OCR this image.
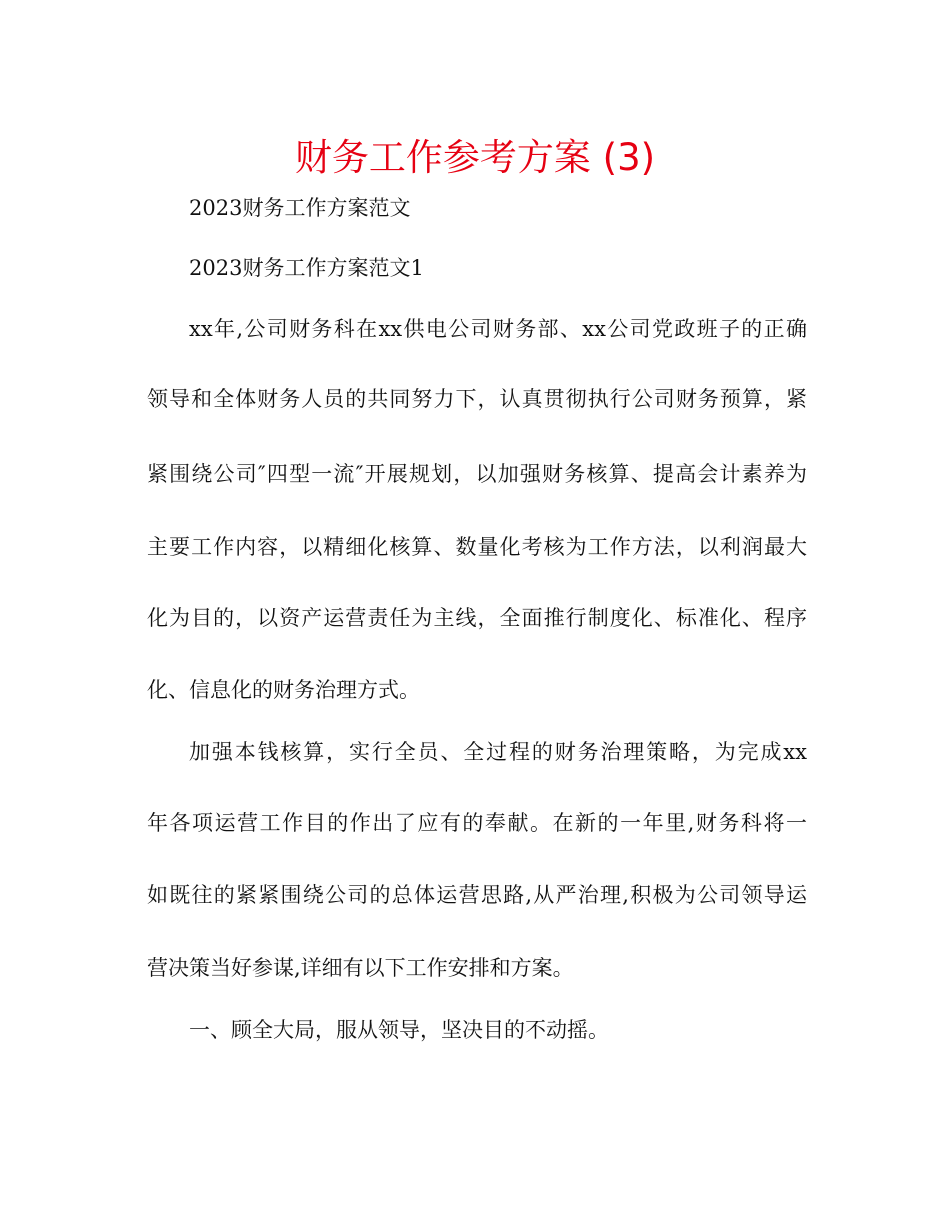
财务工作参考方案 (3)
2023财务工作方案范文
2023财务工作方案范文1
xx年,公司财务科在xx供电公司财务部、xx公司党政班子的正确
领导和全体财务人员的共同努力下，认真贯彻执行公司财务预算，紧
紧围绕公司″四型一流″开展规划，以加强财务核算、提高会计素养为
主要工作内容，以精细化核算、数量化考核为工作方法，以利润最大
化为目的，以资产运营责任为主线，全面推行制度化、标准化、程序
化、信息化的财务治理方式。
加强本钱核算，实行全员、全过程的财务治理策略，为完成xx
年各项运营工作目的作出了应有的奉献。在新的一年里,财务科将一
如既往的紧紧围绕公司的总体运营思路,从严治理,积极为公司领导运
营决策当好参谋,详细有以下工作安排和方案。
一、顾全大局，服从领导，坚决目的不动摇。
